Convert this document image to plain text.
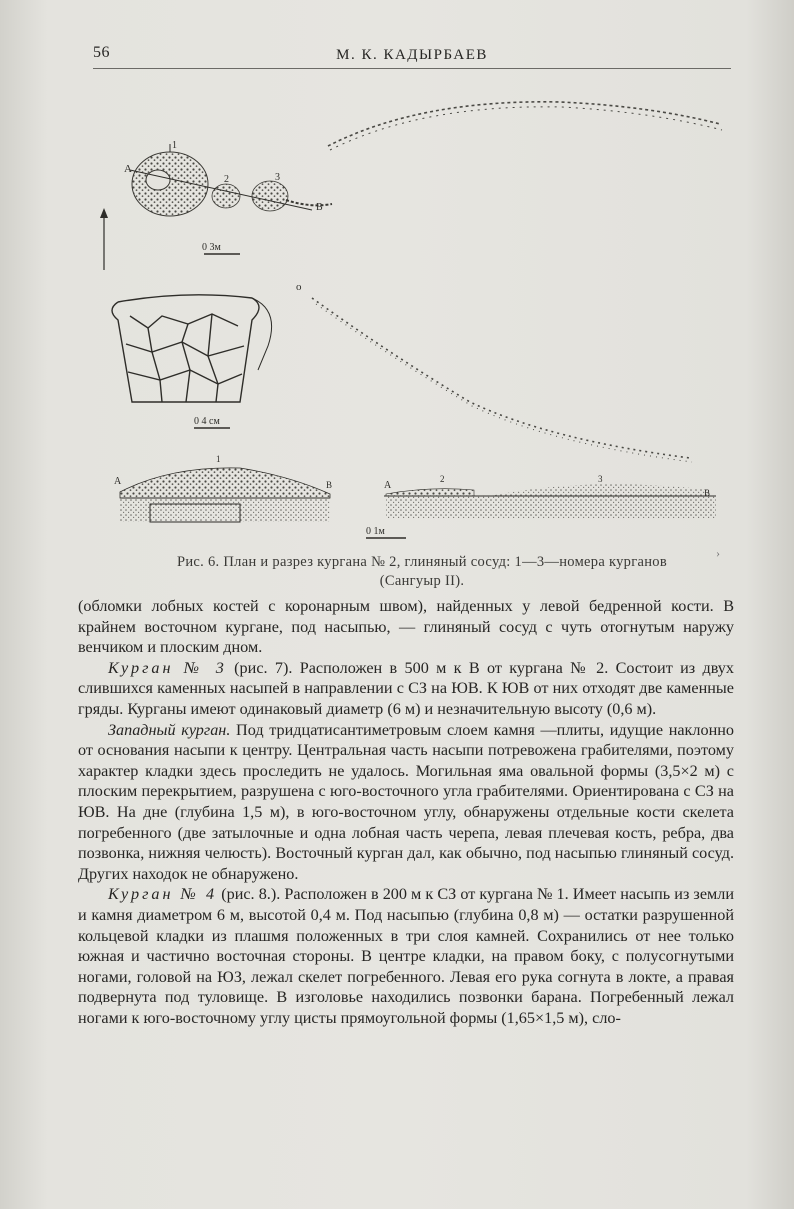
56	М. К. КАДЫРБАЕВ
А
В
1
2	3
0 3м
0 4 см
о
А	В
1
А
2	3
В
0 1м
›
Рис. 6. План и разрез кургана № 2, глиняный сосуд: 1—3—номера курганов
(Сангуыр II).

(обломки лобных костей с коронарным швом), найденных у левой бедренной кости. В крайнем восточном кургане, под насыпью, — глиняный сосуд с чуть отогнутым наружу венчиком и плоским дном.

Курган № 3 (рис. 7). Расположен в 500 м к В от кургана № 2. Состоит из двух слившихся каменных насыпей в направлении с СЗ на ЮВ. К ЮВ от них отходят две каменные гряды. Курганы имеют одинаковый диаметр (6 м) и незначительную высоту (0,6 м).

Западный курган. Под тридцатисантиметровым слоем камня —плиты, идущие наклонно от основания насыпи к центру. Центральная часть насыпи потревожена грабителями, поэтому характер кладки здесь проследить не удалось. Могильная яма овальной формы (3,5×2 м) с плоским перекрытием, разрушена с юго-восточного угла грабителями. Ориентирована с СЗ на ЮВ. На дне (глубина 1,5 м), в юго-восточном углу, обнаружены отдельные кости скелета погребенного (две затылочные и одна лобная часть черепа, левая плечевая кость, ребра, два позвонка, нижняя челюсть). Восточный курган дал, как обычно, под насыпью глиняный сосуд. Других находок не обнаружено.

Курган № 4 (рис. 8.). Расположен в 200 м к СЗ от кургана № 1. Имеет насыпь из земли и камня диаметром 6 м, высотой 0,4 м. Под насыпью (глубина 0,8 м) — остатки разрушенной кольцевой кладки из плашмя положенных в три слоя камней. Сохранились от нее только южная и частично восточная стороны. В центре кладки, на правом боку, с полусогнутыми ногами, головой на ЮЗ, лежал скелет погребенного. Левая его рука согнута в локте, а правая подвернута под туловище. В изголовье находились позвонки барана. Погребенный лежал ногами к юго-восточному углу цисты прямоугольной формы (1,65×1,5 м), сло-
